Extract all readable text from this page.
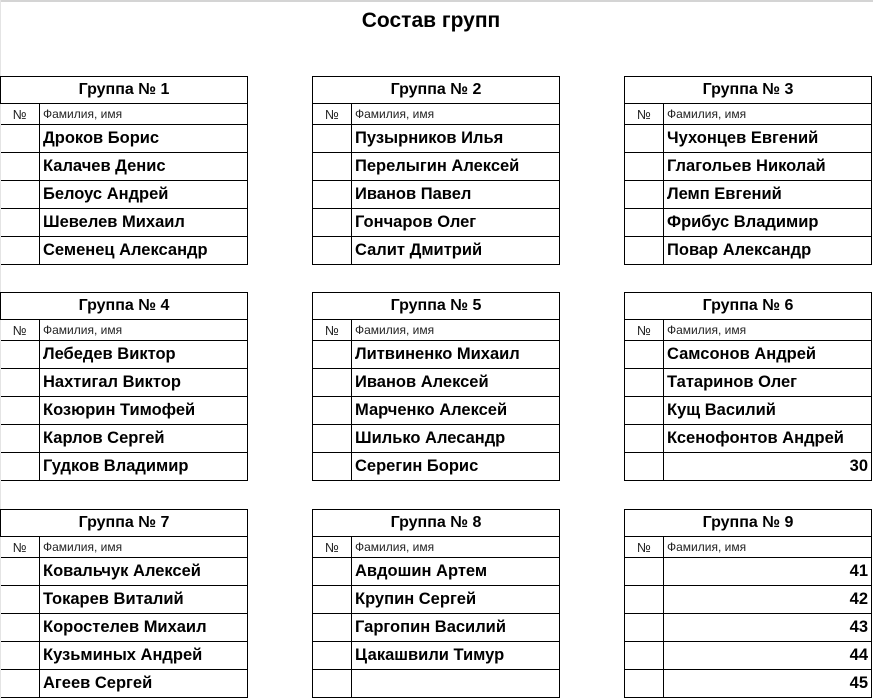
Состав групп
Группа № 1	
№	Фамилия, имя
	Дроков Борис
	Калачев Денис
	Белоус Андрей
	Шевелев Михаил
	Семенец Александр
Группа № 2	
№	Фамилия, имя
	Пузырников Илья
	Перелыгин Алексей
	Иванов Павел
	Гончаров Олег
	Салит Дмитрий
Группа № 3	
№	Фамилия, имя
	Чухонцев Евгений
	Глагольев Николай
	Лемп Евгений
	Фрибус Владимир
	Повар Александр
Группа № 4	
№	Фамилия, имя
	Лебедев Виктор
	Нахтигал Виктор
	Козюрин Тимофей
	Карлов Сергей
	Гудков Владимир
Группа № 5	
№	Фамилия, имя
	Литвиненко Михаил
	Иванов Алексей
	Марченко Алексей
	Шилько Алесандр
	Серегин Борис
Группа № 6	
№	Фамилия, имя
	Самсонов Андрей
	Татаринов Олег
	Кущ Василий
	Ксенофонтов Андрей
	30
Группа № 7	
№	Фамилия, имя
	Ковальчук Алексей
	Токарев Виталий
	Коростелев Михаил
	Кузьминых Андрей
	Агеев Сергей
Группа № 8	
№	Фамилия, имя
	Авдошин Артем
	Крупин Сергей
	Гаргопин Василий
	Цакашвили Тимур

Группа № 9	
№	Фамилия, имя
	41
	42
	43
	44
	45
